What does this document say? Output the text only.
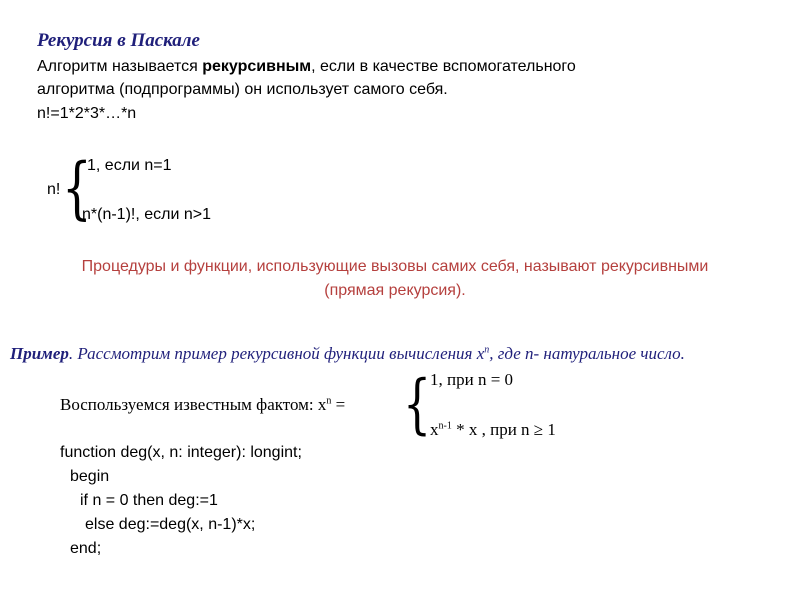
Рекурсия в Паскале
Алгоритм называется рекурсивным, если в качестве вспомогательного
алгоритма (подпрограммы) он использует самого себя.
n!=1*2*3*…*n
n! {
1, если n=1
n*(n-1)!, если n>1
Процедуры и функции, использующие вызовы самих себя, называют рекурсивными
(прямая рекурсия).
Пример. Рассмотрим пример рекурсивной функции вычисления $x^n$, где n- натуральное число.
Воспользуемся известным фактом: $x^n$ = {
1, при n = 0
$x^{n-1}$ * x , при n ≥ 1
function deg(x, n: integer): longint;
begin
if n = 0 then deg:=1
else deg:=deg(x, n-1)*x;
end;
